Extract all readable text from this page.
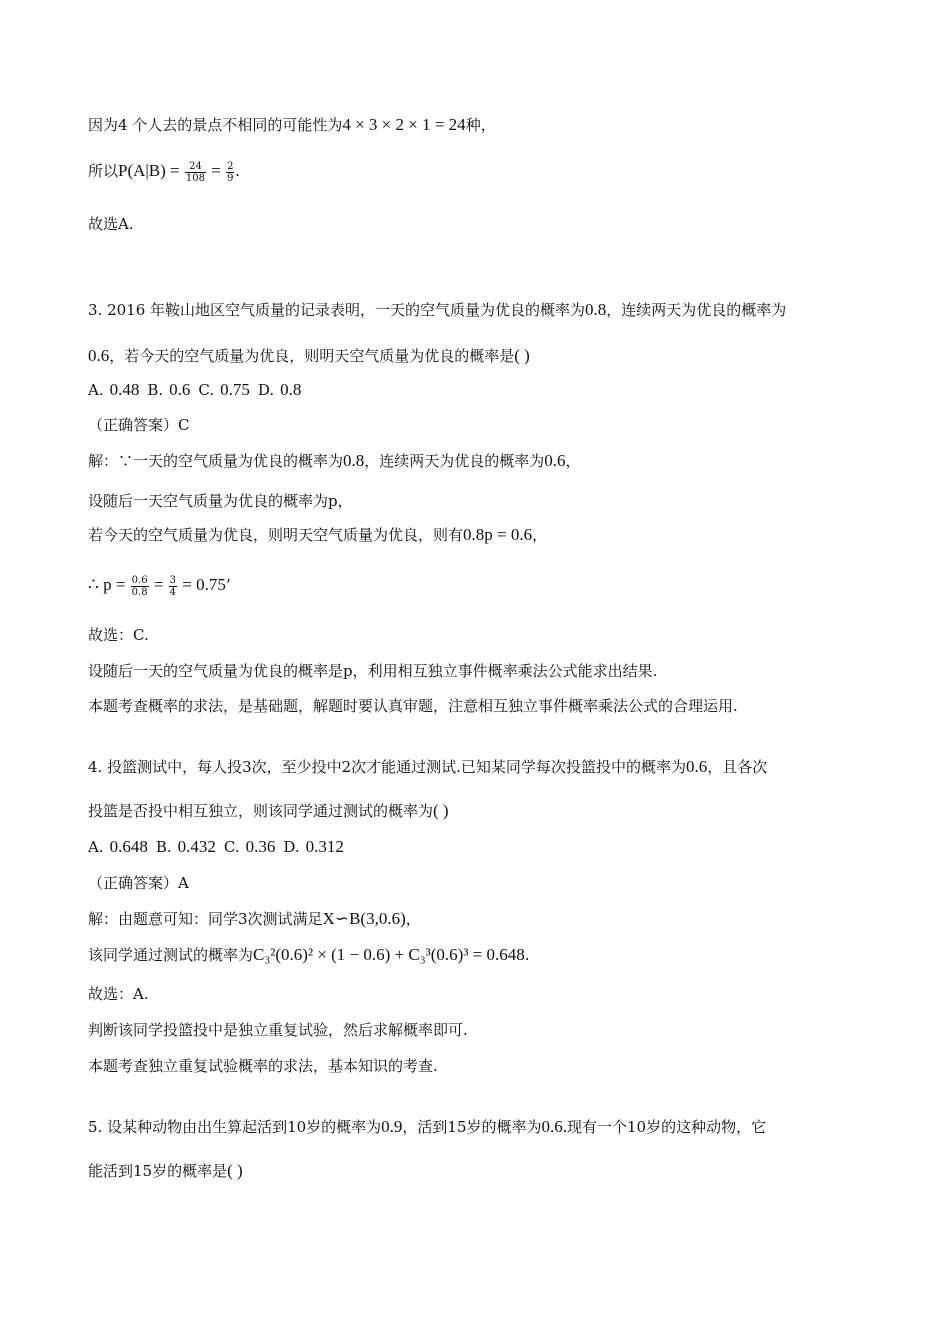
因为4 个人去的景点不相同的可能性为4 × 3 × 2 × 1 = 24种，
所以$P(A|B) = \frac{24}{108} = \frac{2}{9}$ .
故选A.
3. 2016 年鞍山地区空气质量的记录表明，一天的空气质量为优良的概率为0.8，连续两天为优良的概率为
0.6，若今天的空气质量为优良，则明天空气质量为优良的概率是( )
A. 0.48 B. 0.6 C. 0.75 D. 0.8
（正确答案）C
解：∵一天的空气质量为优良的概率为0.8，连续两天为优良的概率为0.6，
设随后一天空气质量为优良的概率为p，
若今天的空气质量为优良，则明天空气质量为优良，则有0.8p = 0.6，
∴ $p = \frac{0.6}{0.8} = \frac{3}{4} = 0.75$’
故选：C.
设随后一天的空气质量为优良的概率是p，利用相互独立事件概率乘法公式能求出结果.
本题考查概率的求法，是基础题，解题时要认真审题，注意相互独立事件概率乘法公式的合理运用.
4. 投篮测试中，每人投3次，至少投中2次才能通过测试.已知某同学每次投篮投中的概率为0.6，且各次
投篮是否投中相互独立，则该同学通过测试的概率为( )
A. 0.648 B. 0.432 C. 0.36 D. 0.312
（正确答案）A
解：由题意可知：同学3次测试满足X∽B(3,0.6)，
该同学通过测试的概率为C₃²(0.6)² × (1 − 0.6) + C₃³(0.6)³ = 0.648.
故选：A.
判断该同学投篮投中是独立重复试验，然后求解概率即可.
本题考查独立重复试验概率的求法，基本知识的考查.
5. 设某种动物由出生算起活到10岁的概率为0.9，活到15岁的概率为0.6.现有一个10岁的这种动物，它
能活到15岁的概率是( )
